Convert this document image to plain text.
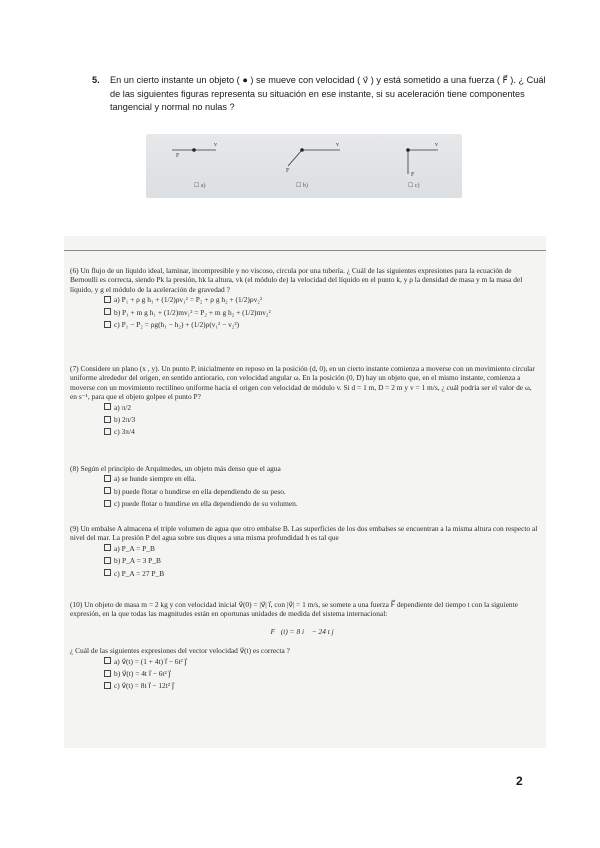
5. En un cierto instante un objeto ( ● ) se mueve con velocidad ( v⃗ ) y está sometido a una fuerza ( F⃗ ). ¿ Cuál de las siguientes figuras representa su situación en ese instante, si su aceleración tiene componentes tangencial y normal no nulas ?
v
F
v
F
v
F
☐ a)	☐ b)	☐ c)

(6) Un flujo de un líquido ideal, laminar, incompresible y no viscoso, circula por una tubería. ¿ Cuál de las siguientes expresiones para la ecuación de Bernoulli es correcta, siendo Pk la presión, hk la altura, vk (el módulo de) la velocidad del líquido en el punto k, y ρ la densidad de masa y m la masa del líquido, y g el módulo de la aceleración de gravedad ?

a) P₁ + ρ g h₁ + (1/2)ρv₁² = P₂ + ρ g h₂ + (1/2)ρv₂²
b) P₁ + m g h₁ + (1/2)mv₁² = P₂ + m g h₂ + (1/2)mv₂²
c) P₁ − P₂ = ρg(h₁ − h₂) + (1/2)ρ(v₁² − v₂²)

(7) Considere un plano (x , y). Un punto P, inicialmente en reposo en la posición (d, 0), en un cierto instante comienza a moverse con un movimiento circular uniforme alrededor del origen, en sentido antiorario, con velocidad angular ω. En la posición (0, D) hay un objeto que, en el mismo instante, comienza a moverse con un movimiento rectilíneo uniforme hacia el origen con velocidad de módulo v. Si d = 1 m, D = 2 m y v = 1 m/s, ¿ cuál podría ser el valor de ω, en s⁻¹, para que el objeto golpee el punto P?

a) π/2
b) 2π/3
c) 3π/4

(8) Según el principio de Arquímedes, un objeto más denso que el agua

a) se hunde siempre en ella.
b) puede flotar o hundirse en ella dependiendo de su peso.
c) puede flotar o hundirse en ella dependiendo de su volumen.

(9) Un embalse A almacena el triple volumen de agua que otro embalse B. Las superficies de los dos embalses se encuentran a la misma altura con respecto al nivel del mar. La presión P del agua sobre sus diques a una misma profundidad h es tal que

a) P_A = P_B
b) P_A = 3 P_B
c) P_A = 27 P_B

(10) Un objeto de masa m = 2 kg y con velocidad inicial v⃗(0) = |v⃗| i⃗, con |v⃗| = 1 m/s, se somete a una fuerza F⃗ dependiente del tiempo t con la siguiente expresión, en la que todas las magnitudes están en oportunas unidades de medida del sistema internacional:

F⃗(t) = 8 i⃗ − 24 t j⃗

¿ Cuál de las siguientes expresiones del vector velocidad v⃗(t) es correcta ?

a) v⃗(t) = (1 + 4t) i⃗ − 6t² j⃗
b) v⃗(t) = 4t i⃗ − 6t² j⃗
c) v⃗(t) = 8t i⃗ − 12t² j⃗
2
